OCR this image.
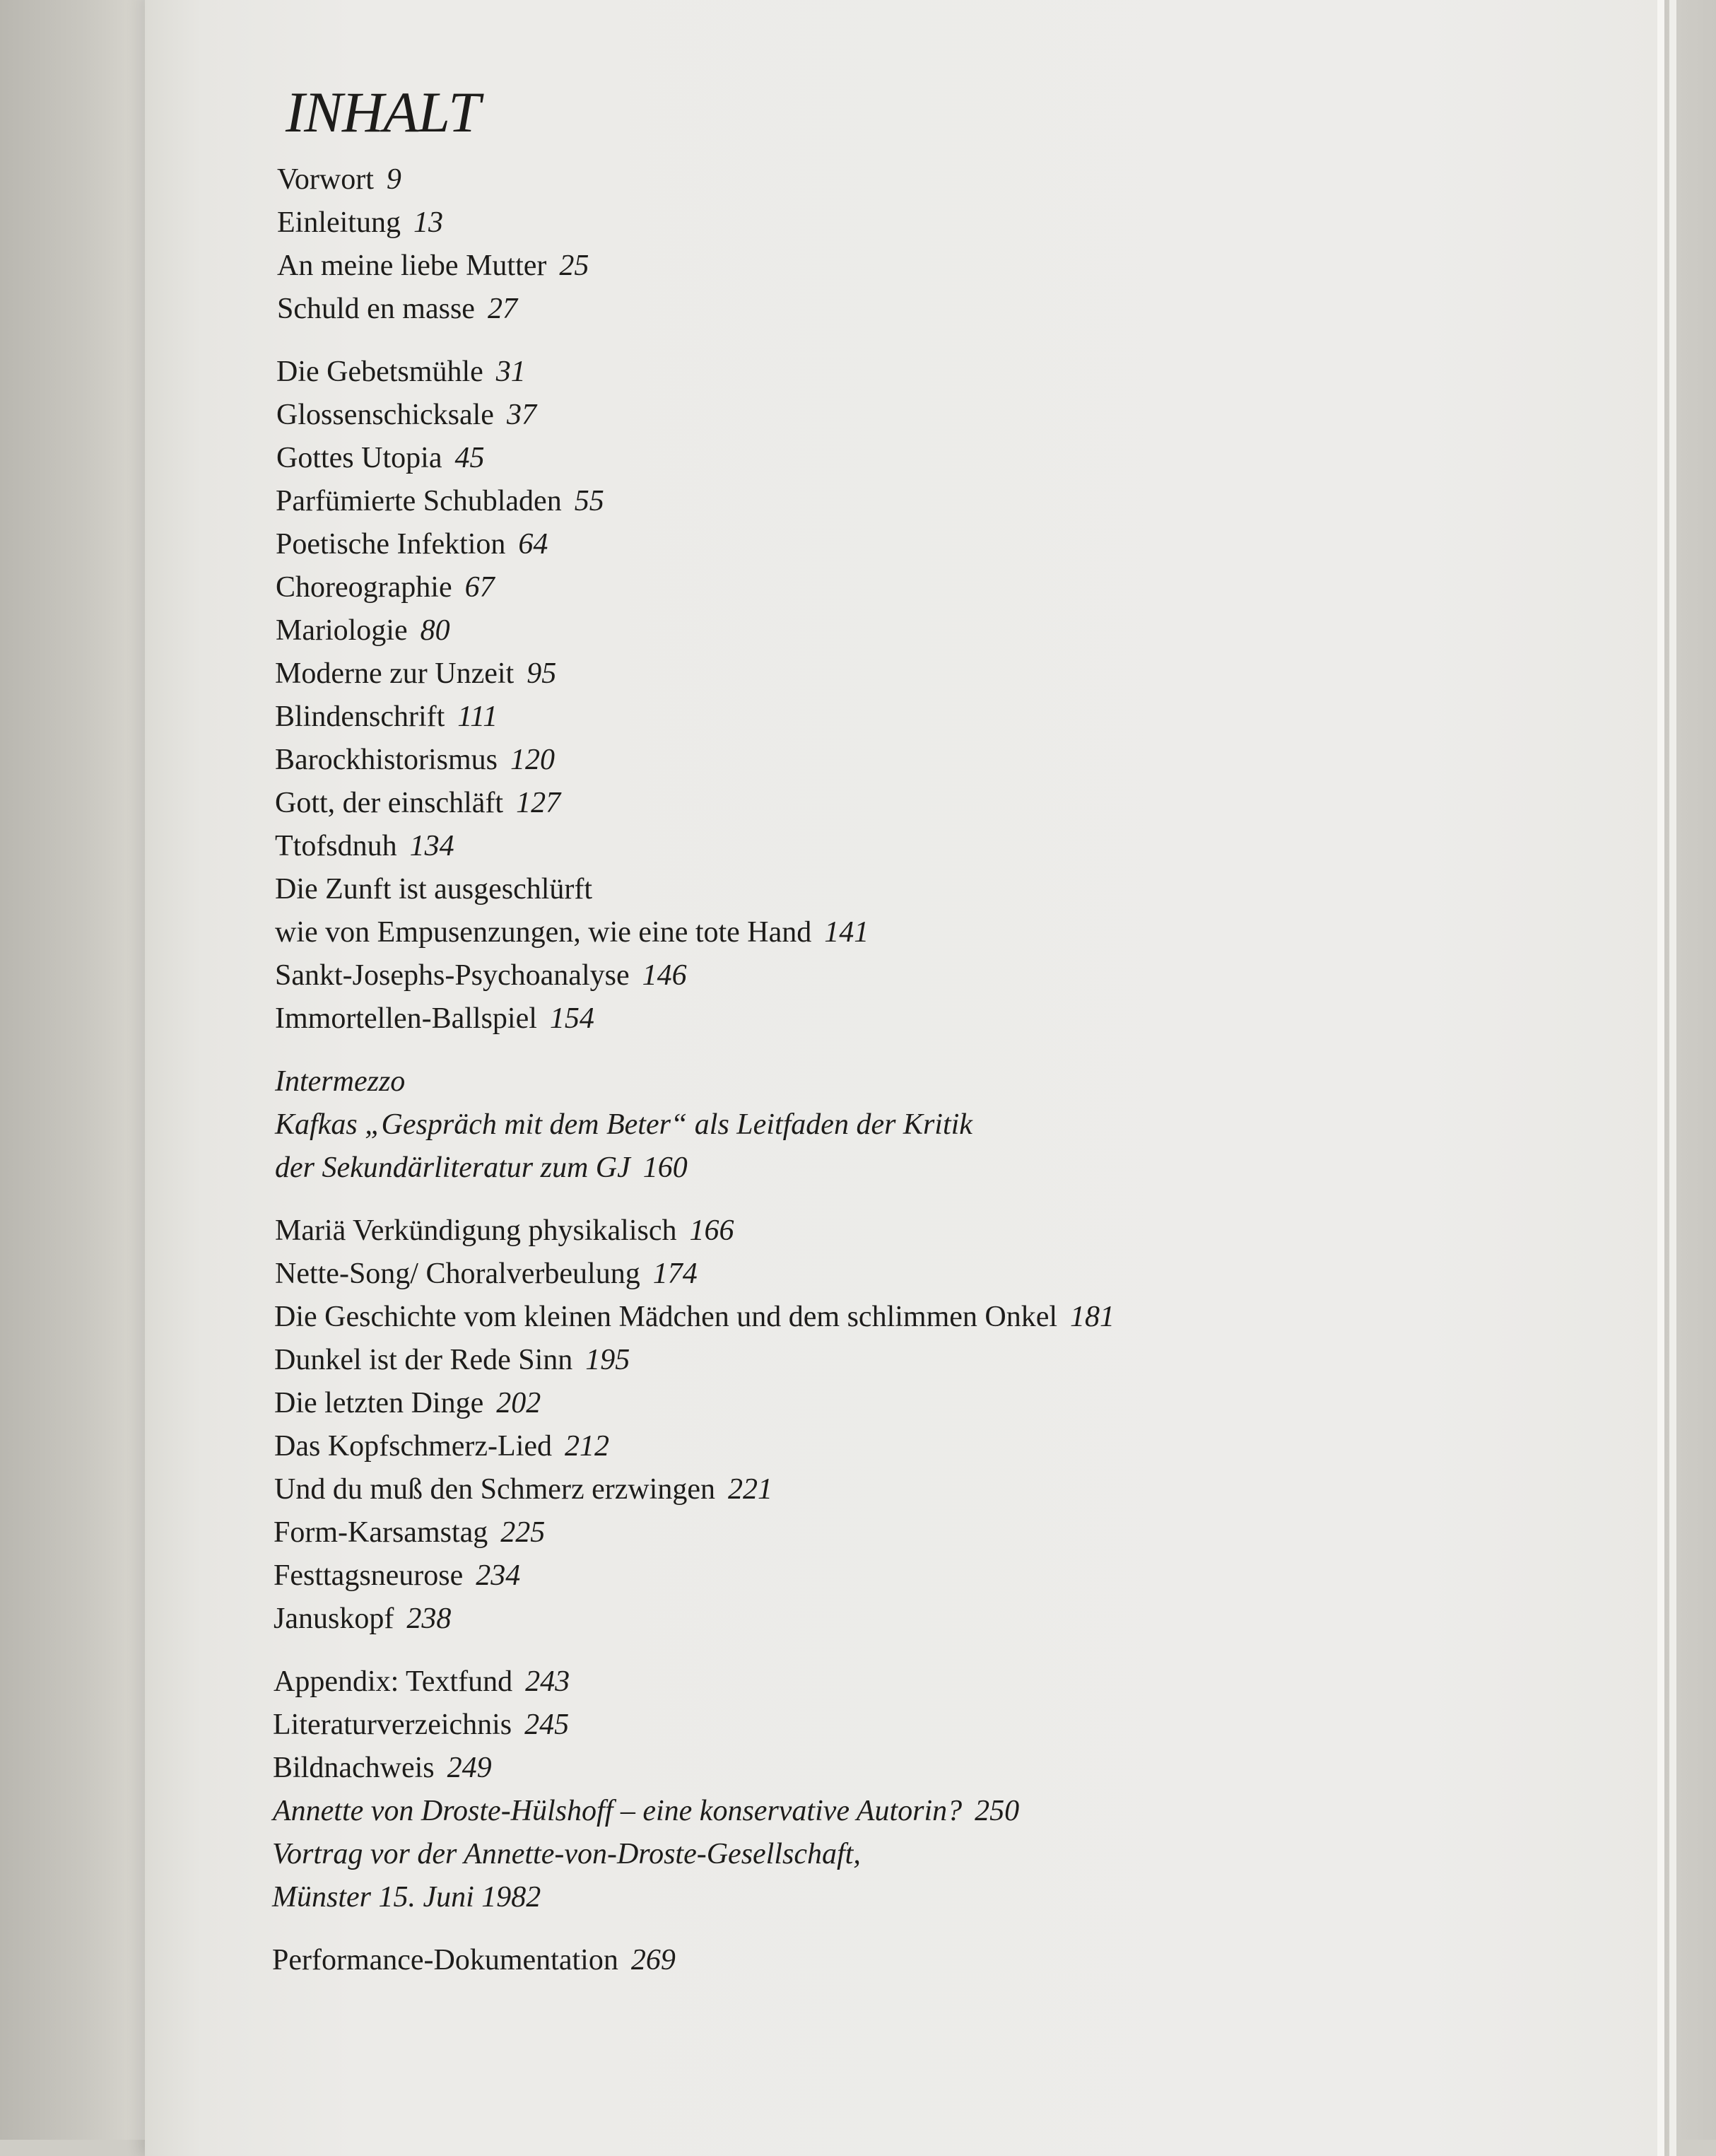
INHALT
Vorwort 9
Einleitung 13
An meine liebe Mutter 25
Schuld en masse 27
Die Gebetsmühle 31
Glossenschicksale 37
Gottes Utopia 45
Parfümierte Schubladen 55
Poetische Infektion 64
Choreographie 67
Mariologie 80
Moderne zur Unzeit 95
Blindenschrift 111
Barockhistorismus 120
Gott, der einschläft 127
Ttofsdnuh 134
Die Zunft ist ausgeschlürft
wie von Empusenzungen, wie eine tote Hand 141
Sankt-Josephs-Psychoanalyse 146
Immortellen-Ballspiel 154
Intermezzo
Kafkas „Gespräch mit dem Beter“ als Leitfaden der Kritik
der Sekundärliteratur zum GJ 160
Mariä Verkündigung physikalisch 166
Nette-Song/ Choralverbeulung 174
Die Geschichte vom kleinen Mädchen und dem schlimmen Onkel 181
Dunkel ist der Rede Sinn 195
Die letzten Dinge 202
Das Kopfschmerz-Lied 212
Und du muß den Schmerz erzwingen 221
Form-Karsamstag 225
Festtagsneurose 234
Januskopf 238
Appendix: Textfund 243
Literaturverzeichnis 245
Bildnachweis 249
Annette von Droste-Hülshoff – eine konservative Autorin? 250
Vortrag vor der Annette-von-Droste-Gesellschaft,
Münster 15. Juni 1982
Performance-Dokumentation 269
